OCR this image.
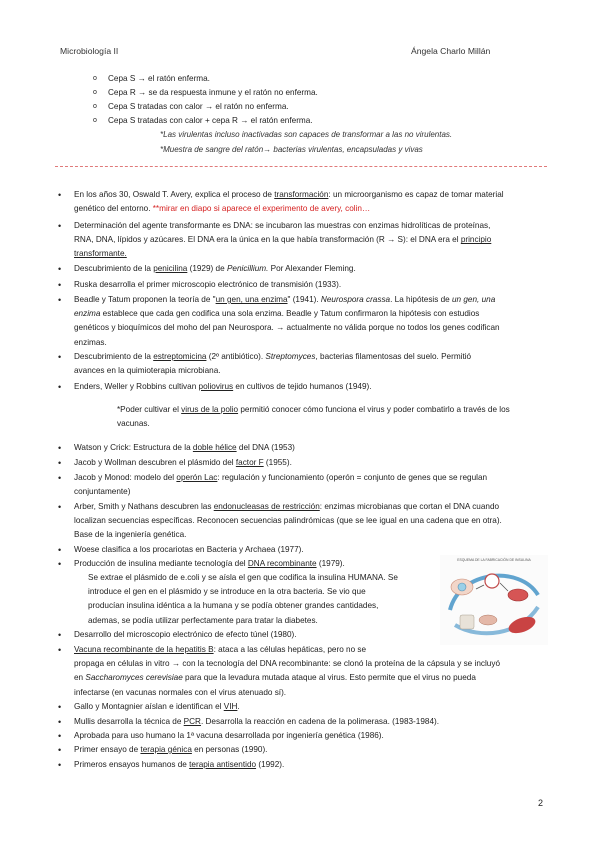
Microbiología II	Ángela Charlo Millán
o Cepa S → el ratón enferma.
o Cepa R → se da respuesta inmune y el ratón no enferma.
o Cepa S tratadas con calor → el ratón no enferma.
o Cepa S tratadas con calor + cepa R → el ratón enferma.
*Las virulentas incluso inactivadas son capaces de transformar a las no virulentas.
*Muestra de sangre del ratón→ bacterias virulentas, encapsuladas y vivas
• En los años 30, Oswald T. Avery, explica el proceso de transformación: un microorganismo es capaz de tomar material
genético del entorno. **mirar en diapo si aparece el experimento de avery, colin…
• Determinación del agente transformante es DNA: se incubaron las muestras con enzimas hidrolíticas de proteínas,
RNA, DNA, lípidos y azúcares. El DNA era la única en la que había transformación (R → S): el DNA era el principio
transformante.
• Descubrimiento de la penicilina (1929) de Penicillium. Por Alexander Fleming.
• Ruska desarrolla el primer microscopio electrónico de transmisión (1933).
• Beadle y Tatum proponen la teoría de "un gen, una enzima" (1941). Neurospora crassa. La hipótesis de un gen, una
enzima establece que cada gen codifica una sola enzima. Beadle y Tatum confirmaron la hipótesis con estudios
genéticos y bioquímicos del moho del pan Neurospora. → actualmente no válida porque no todos los genes codifican
enzimas.
• Descubrimiento de la estreptomicina (2º antibiótico). Streptomyces, bacterias filamentosas del suelo. Permitió
avances en la quimioterapia microbiana.
• Enders, Weller y Robbins cultivan poliovirus en cultivos de tejido humanos (1949).
*Poder cultivar el virus de la polio permitió conocer cómo funciona el virus y poder combatirlo a través de los
vacunas.
• Watson y Crick: Estructura de la doble hélice del DNA (1953)
• Jacob y Wollman descubren el plásmido del factor F (1955).
• Jacob y Monod: modelo del operón Lac: regulación y funcionamiento (operón = conjunto de genes que se regulan
conjuntamente)
• Arber, Smith y Nathans descubren las endonucleasas de restricción: enzimas microbianas que cortan el DNA cuando
localizan secuencias específicas. Reconocen secuencias palindrómicas (que se lee igual en una cadena que en otra).
Base de la ingeniería genética.
• Woese clasifica a los procariotas en Bacteria y Archaea (1977).
• Producción de insulina mediante tecnología del DNA recombinante (1979).
Se extrae el plásmido de e.coli y se aísla el gen que codifica la insulina HUMANA. Se
introduce el gen en el plásmido y se introduce en la otra bacteria. Se vio que
producían insulina idéntica a la humana y se podía obtener grandes cantidades,
ademas, se podía utilizar perfectamente para tratar la diabetes.
ESQUEMA DE LA FABRICACIÓN DE INSULINA
• Desarrollo del microscopio electrónico de efecto túnel (1980).
• Vacuna recombinante de la hepatitis B: ataca a las células hepáticas, pero no se
propaga en células in vitro → con la tecnología del DNA recombinante: se clonó la proteína de la cápsula y se incluyó
en Saccharomyces cerevisiae para que la levadura mutada ataque al virus. Esto permite que el virus no pueda
infectarse (en vacunas normales con el virus atenuado sí).
• Gallo y Montagnier aíslan e identifican el VIH.
• Mullis desarrolla la técnica de PCR. Desarrolla la reacción en cadena de la polimerasa. (1983-1984).
• Aprobada para uso humano la 1ª vacuna desarrollada por ingeniería genética (1986).
• Primer ensayo de terapia génica en personas (1990).
• Primeros ensayos humanos de terapia antisentido (1992).
2
